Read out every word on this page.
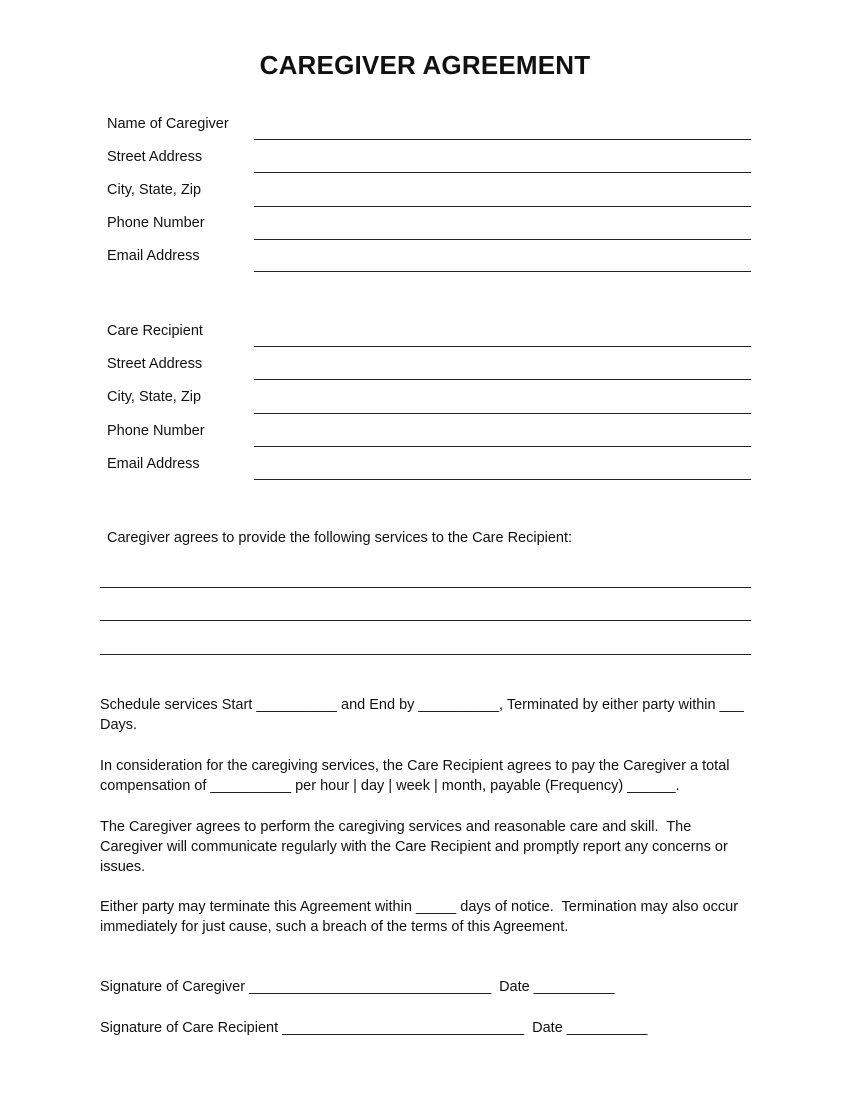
CAREGIVER AGREEMENT
Name of Caregiver
Street Address
City, State, Zip
Phone Number
Email Address
Care Recipient
Street Address
City, State, Zip
Phone Number
Email Address
Caregiver agrees to provide the following services to the Care Recipient:
Schedule services Start __________ and End by __________, Terminated by either party within ___ Days.
In consideration for the caregiving services, the Care Recipient agrees to pay the Caregiver a total compensation of __________ per hour | day | week | month, payable (Frequency) ______.
The Caregiver agrees to perform the caregiving services and reasonable care and skill.  The Caregiver will communicate regularly with the Care Recipient and promptly report any concerns or issues.
Either party may terminate this Agreement within _____ days of notice.  Termination may also occur immediately for just cause, such a breach of the terms of this Agreement.
Signature of Caregiver ______________________________  Date __________
Signature of Care Recipient ______________________________  Date __________
